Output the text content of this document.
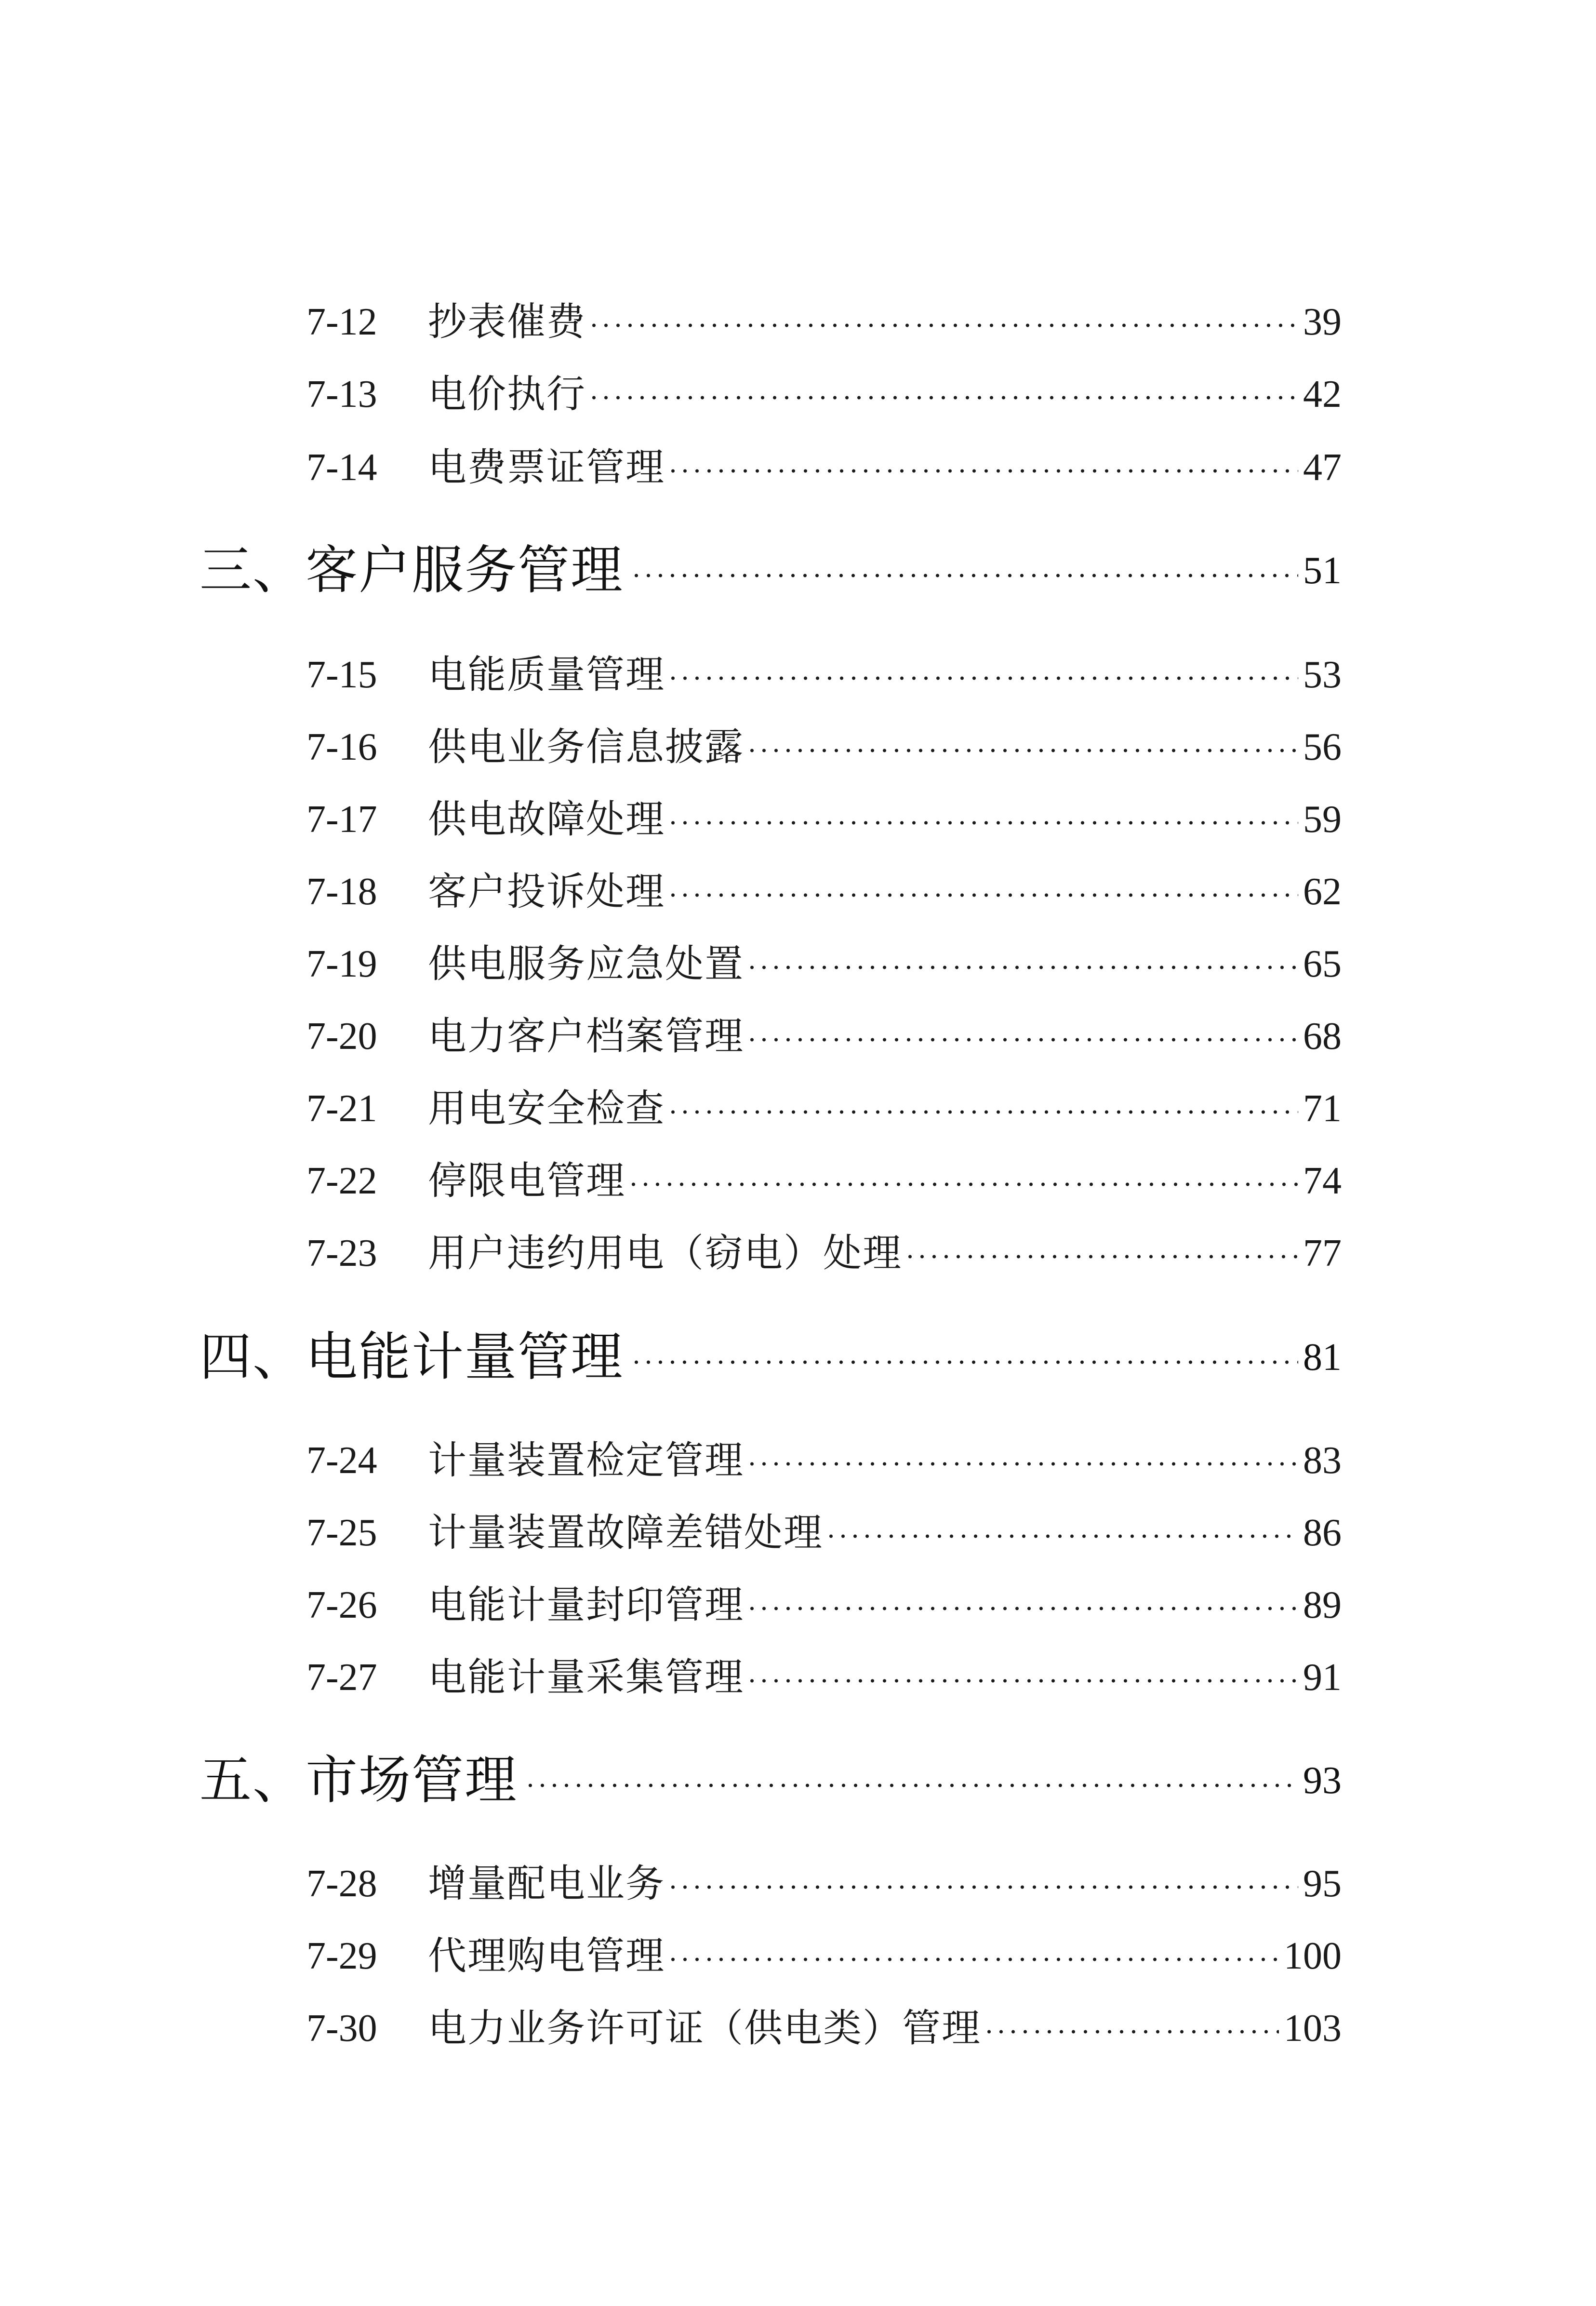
7-12	抄表催费	39
7-13	电价执行	42
7-14	电费票证管理	47
三、客户服务管理	51
7-15	电能质量管理	53
7-16	供电业务信息披露	56
7-17	供电故障处理	59
7-18	客户投诉处理	62
7-19	供电服务应急处置	65
7-20	电力客户档案管理	68
7-21	用电安全检查	71
7-22	停限电管理	74
7-23	用户违约用电（窃电）处理	77
四、电能计量管理	81
7-24	计量装置检定管理	83
7-25	计量装置故障差错处理	86
7-26	电能计量封印管理	89
7-27	电能计量采集管理	91
五、市场管理	93
7-28	增量配电业务	95
7-29	代理购电管理	100
7-30	电力业务许可证（供电类）管理	103
